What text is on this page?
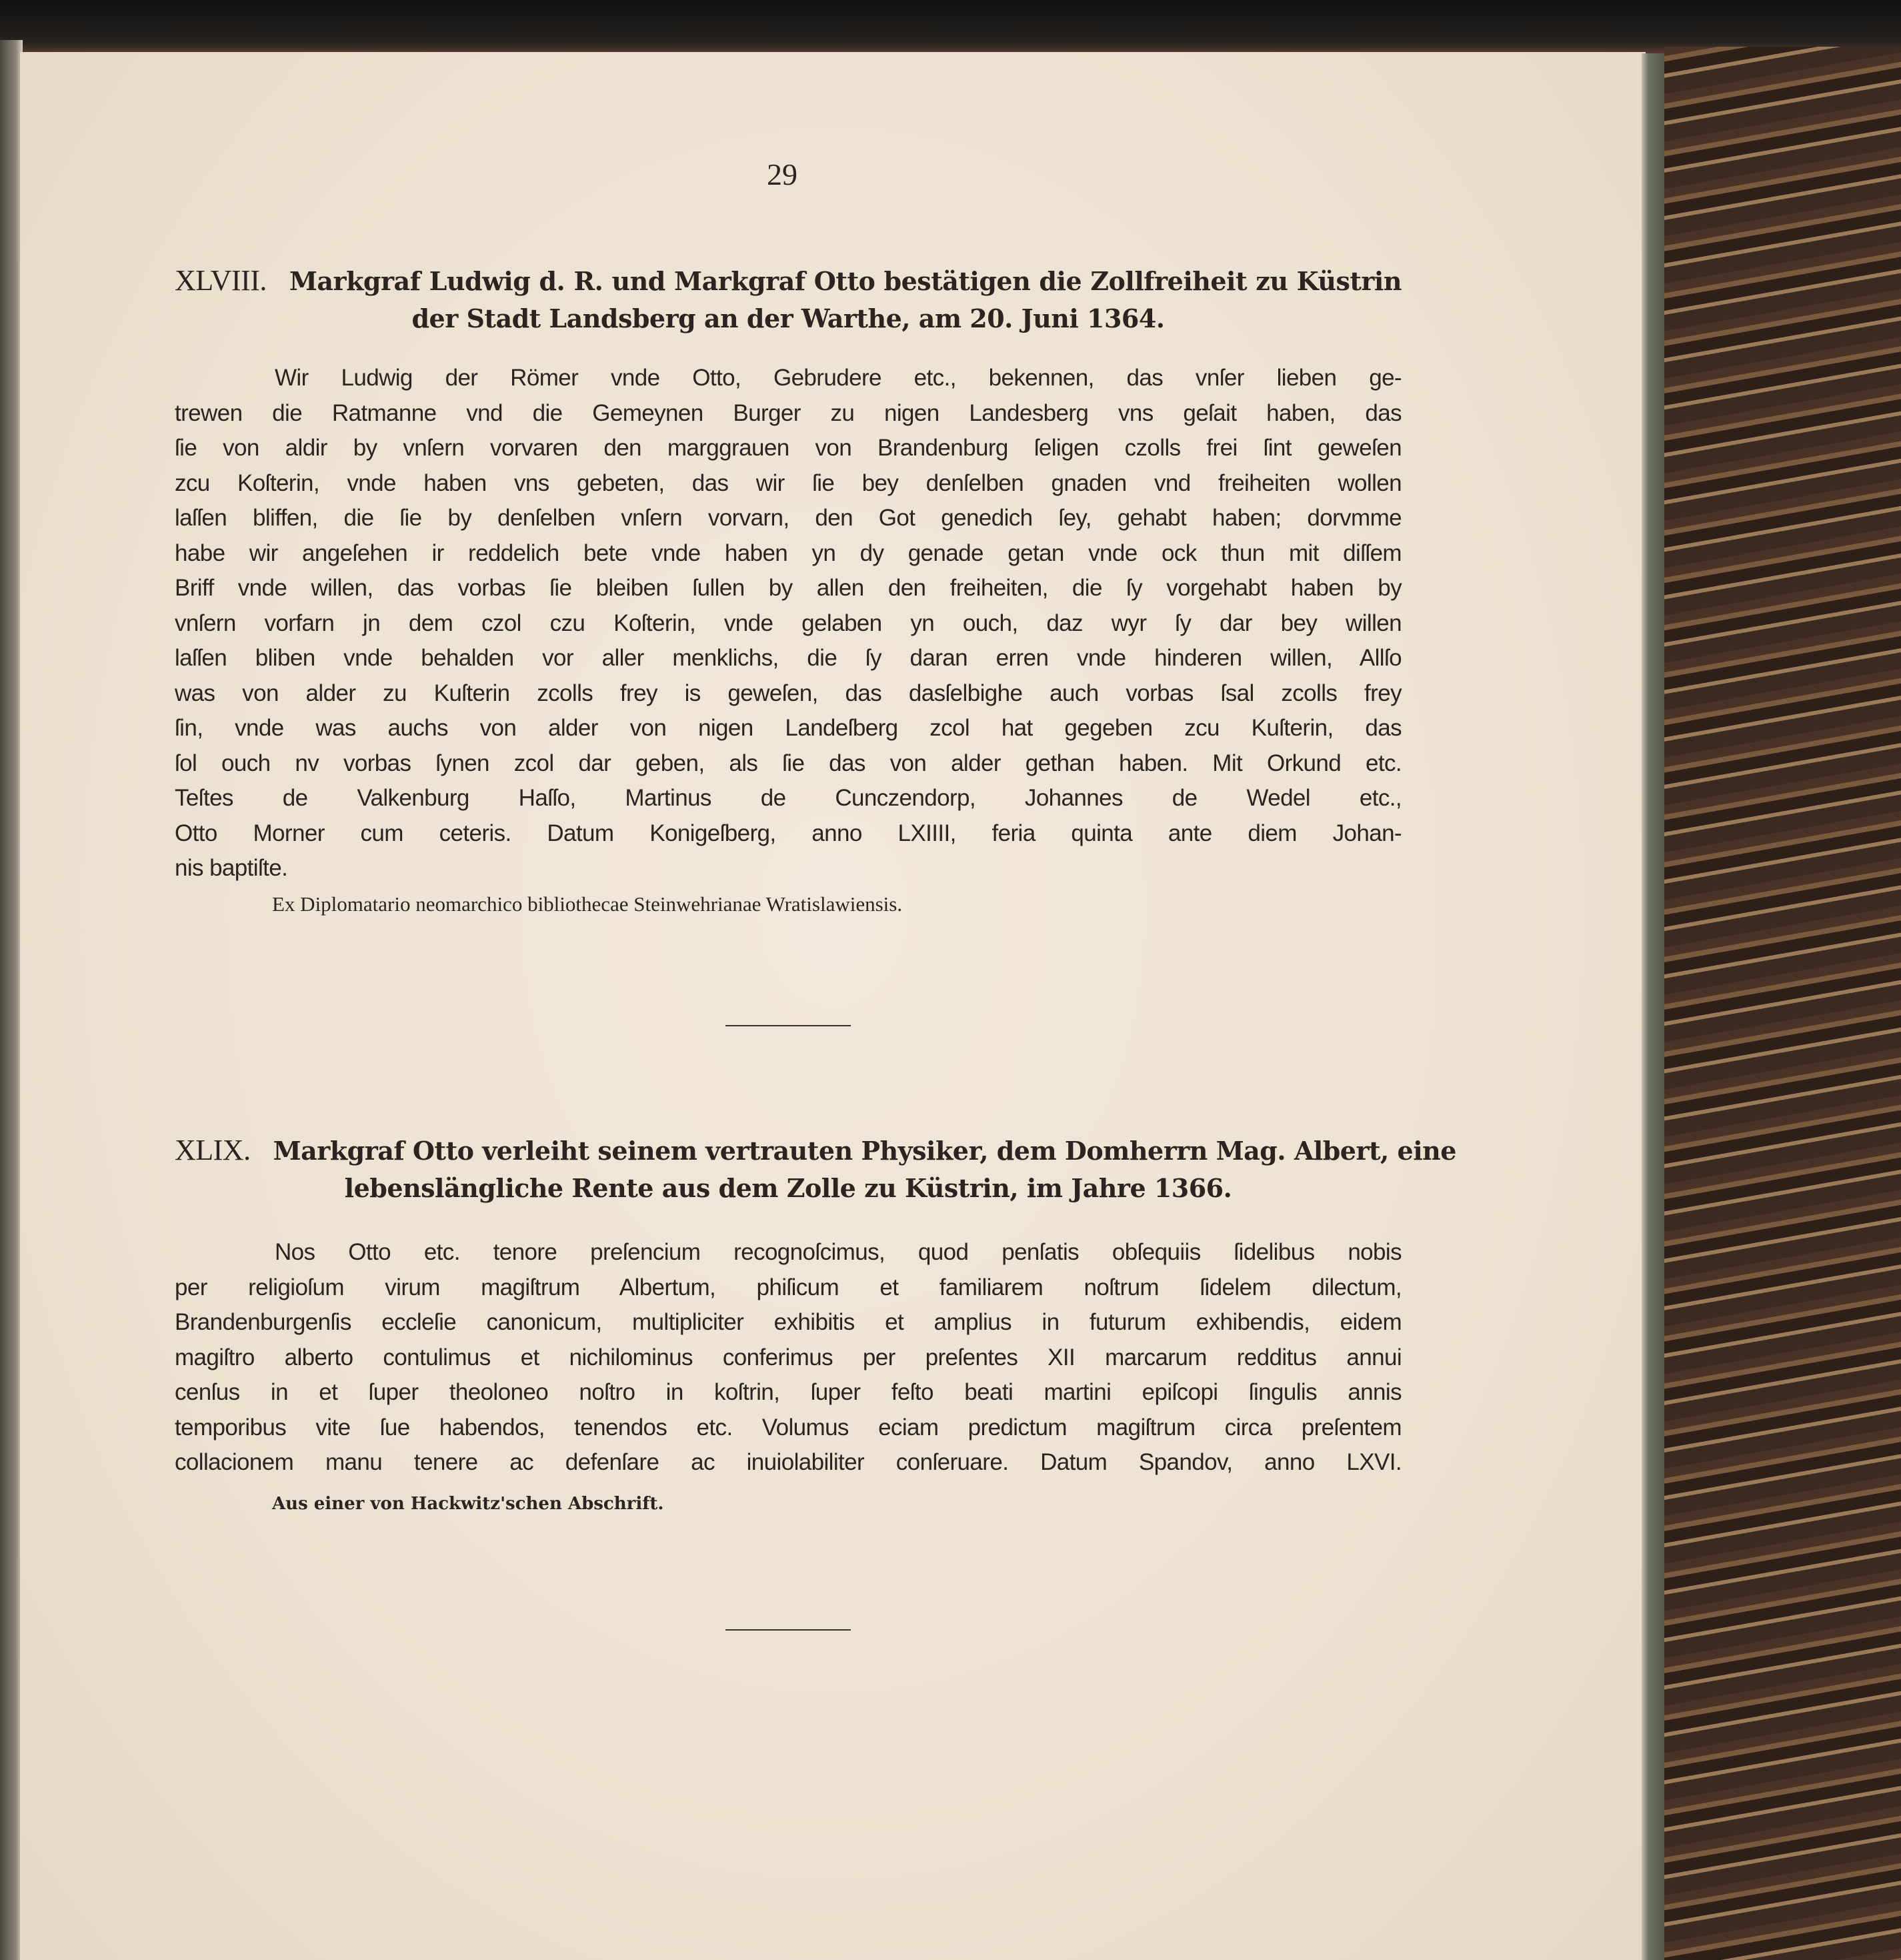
29
XLVIII. Markgraf Ludwig d. R. und Markgraf Otto bestätigen die Zollfreiheit zu Küstrin
der Stadt Landsberg an der Warthe, am 20. Juni 1364.
Wir Ludwig der Römer vnde Otto, Gebrudere etc., bekennen, das vnſer lieben ge-
trewen die Ratmanne vnd die Gemeynen Burger zu nigen Landesberg vns geſait haben, das
ſie von aldir by vnſern vorvaren den marggrauen von Brandenburg ſeligen czolls frei ſint geweſen
zcu Koſterin, vnde haben vns gebeten, das wir ſie bey denſelben gnaden vnd freiheiten wollen
laſſen bliffen, die ſie by denſelben vnſern vorvarn, den Got genedich ſey, gehabt haben; dorvmme
habe wir angeſehen ir reddelich bete vnde haben yn dy genade getan vnde ock thun mit diſſem
Briff vnde willen, das vorbas ſie bleiben ſullen by allen den freiheiten, die ſy vorgehabt haben by
vnſern vorfarn jn dem czol czu Koſterin, vnde gelaben yn ouch, daz wyr ſy dar bey willen
laſſen bliben vnde behalden vor aller menklichs, die ſy daran erren vnde hinderen willen, Allſo
was von alder zu Kuſterin zcolls frey is geweſen, das dasſelbighe auch vorbas ſsal zcolls frey
ſin, vnde was auchs von alder von nigen Landeſberg zcol hat gegeben zcu Kuſterin, das
ſol ouch nv vorbas ſynen zcol dar geben, als ſie das von alder gethan haben. Mit Orkund etc.
Teſtes de Valkenburg Haſſo, Martinus de Cunczendorp, Johannes de Wedel etc.,
Otto Morner cum ceteris. Datum Konigeſberg, anno LXIIII, feria quinta ante diem Johan-
nis baptiſte.
Ex Diplomatario neomarchico bibliothecae Steinwehrianae Wratislawiensis.
XLIX. Markgraf Otto verleiht seinem vertrauten Physiker, dem Domherrn Mag. Albert, eine
lebenslängliche Rente aus dem Zolle zu Küstrin, im Jahre 1366.
Nos Otto etc. tenore preſencium recognoſcimus, quod penſatis obſequiis ſidelibus nobis
per religioſum virum magiſtrum Albertum, phiſicum et familiarem noſtrum ſidelem dilectum,
Brandenburgenſis eccleſie canonicum, multipliciter exhibitis et amplius in futurum exhibendis, eidem
magiſtro alberto contulimus et nichilominus conferimus per preſentes XII marcarum redditus annui
cenſus in et ſuper theoloneo noſtro in koſtrin, ſuper feſto beati martini epiſcopi ſingulis annis
temporibus vite ſue habendos, tenendos etc. Volumus eciam predictum magiſtrum circa preſentem
collacionem manu tenere ac defenſare ac inuiolabiliter conſeruare. Datum Spandov, anno LXVI.
Aus einer von Hackwitz'schen Abschrift.
